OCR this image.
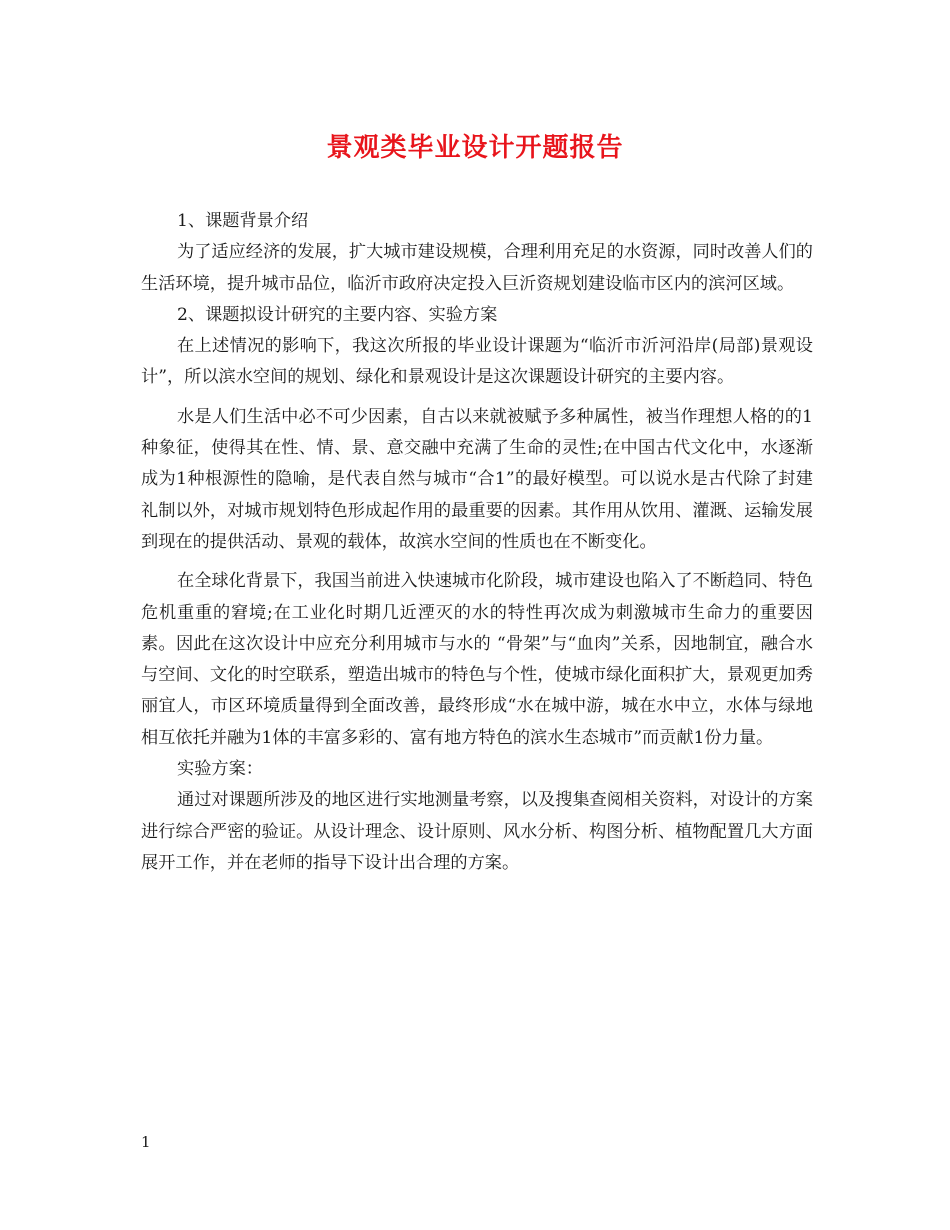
景观类毕业设计开题报告

1、课题背景介绍

为了适应经济的发展，扩大城市建设规模，合理利用充足的水资源，同时改善人们的生活环境，提升城市品位，临沂市政府决定投入巨沂资规划建设临市区内的滨河区域。

2、课题拟设计研究的主要内容、实验方案

在上述情况的影响下，我这次所报的毕业设计课题为“临沂市沂河沿岸(局部)景观设计”，所以滨水空间的规划、绿化和景观设计是这次课题设计研究的主要内容。

水是人们生活中必不可少因素，自古以来就被赋予多种属性，被当作理想人格的的1种象征，使得其在性、情、景、意交融中充满了生命的灵性;在中国古代文化中，水逐渐成为1种根源性的隐喻，是代表自然与城市“合1”的最好模型。可以说水是古代除了封建礼制以外，对城市规划特色形成起作用的最重要的因素。其作用从饮用、灌溉、运输发展到现在的提供活动、景观的载体，故滨水空间的性质也在不断变化。

在全球化背景下，我国当前进入快速城市化阶段，城市建设也陷入了不断趋同、特色危机重重的窘境;在工业化时期几近湮灭的水的特性再次成为刺激城市生命力的重要因素。因此在这次设计中应充分利用城市与水的 “骨架”与“血肉”关系，因地制宜，融合水与空间、文化的时空联系，塑造出城市的特色与个性，使城市绿化面积扩大，景观更加秀丽宜人，市区环境质量得到全面改善，最终形成“水在城中游，城在水中立，水体与绿地相互依托并融为1体的丰富多彩的、富有地方特色的滨水生态城市”而贡献1份力量。

实验方案：

通过对课题所涉及的地区进行实地测量考察，以及搜集查阅相关资料，对设计的方案进行综合严密的验证。从设计理念、设计原则、风水分析、构图分析、植物配置几大方面展开工作，并在老师的指导下设计出合理的方案。

1
